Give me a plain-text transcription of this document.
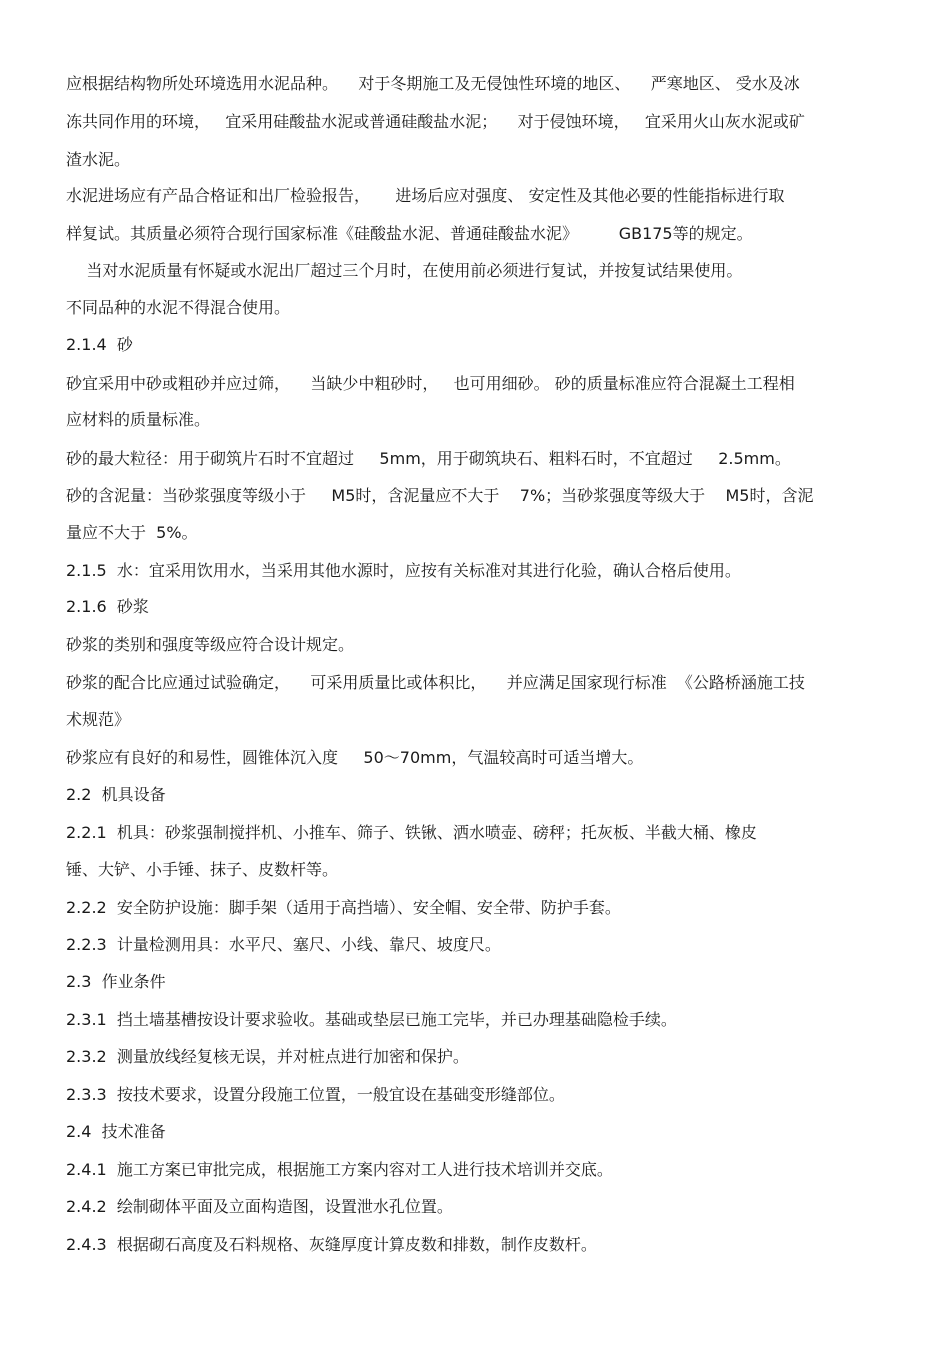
应根据结构物所处环境选用水泥品种。    对于冬期施工及无侵蚀性环境的地区、    严寒地区、 受水及冰
冻共同作用的环境，   宜采用硅酸盐水泥或普通硅酸盐水泥；    对于侵蚀环境，   宜采用火山灰水泥或矿
渣水泥。
水泥进场应有产品合格证和出厂检验报告，     进场后应对强度、 安定性及其他必要的性能指标进行取
样复试。其质量必须符合现行国家标准《硅酸盐水泥、普通硅酸盐水泥》        GB175等的规定。
当对水泥质量有怀疑或水泥出厂超过三个月时，在使用前必须进行复试，并按复试结果使用。
不同品种的水泥不得混合使用。
2.1.4  砂
砂宜采用中砂或粗砂并应过筛，    当缺少中粗砂时，   也可用细砂。 砂的质量标准应符合混凝土工程相
应材料的质量标准。
砂的最大粒径：用于砌筑片石时不宜超过     5mm，用于砌筑块石、粗料石时，不宜超过     2.5mm。
砂的含泥量：当砂浆强度等级小于     M5时，含泥量应不大于    7%；当砂浆强度等级大于    M5时，含泥
量应不大于  5%。
2.1.5  水：宜采用饮用水，当采用其他水源时，应按有关标准对其进行化验，确认合格后使用。
2.1.6  砂浆
砂浆的类别和强度等级应符合设计规定。
砂浆的配合比应通过试验确定，    可采用质量比或体积比，    并应满足国家现行标准  《公路桥涵施工技
术规范》
砂浆应有良好的和易性，圆锥体沉入度     50～70mm，气温较高时可适当增大。
2.2  机具设备
2.2.1  机具：砂浆强制搅拌机、小推车、筛子、铁锹、洒水喷壶、磅秤；托灰板、半截大桶、橡皮
锤、大铲、小手锤、抹子、皮数杆等。
2.2.2  安全防护设施：脚手架（适用于高挡墙）、安全帽、安全带、防护手套。
2.2.3  计量检测用具：水平尺、塞尺、小线、靠尺、坡度尺。
2.3  作业条件
2.3.1  挡土墙基槽按设计要求验收。基础或垫层已施工完毕，并已办理基础隐检手续。
2.3.2  测量放线经复核无误，并对桩点进行加密和保护。
2.3.3  按技术要求，设置分段施工位置，一般宜设在基础变形缝部位。
2.4  技术准备
2.4.1  施工方案已审批完成，根据施工方案内容对工人进行技术培训并交底。
2.4.2  绘制砌体平面及立面构造图，设置泄水孔位置。
2.4.3  根据砌石高度及石料规格、灰缝厚度计算皮数和排数，制作皮数杆。
